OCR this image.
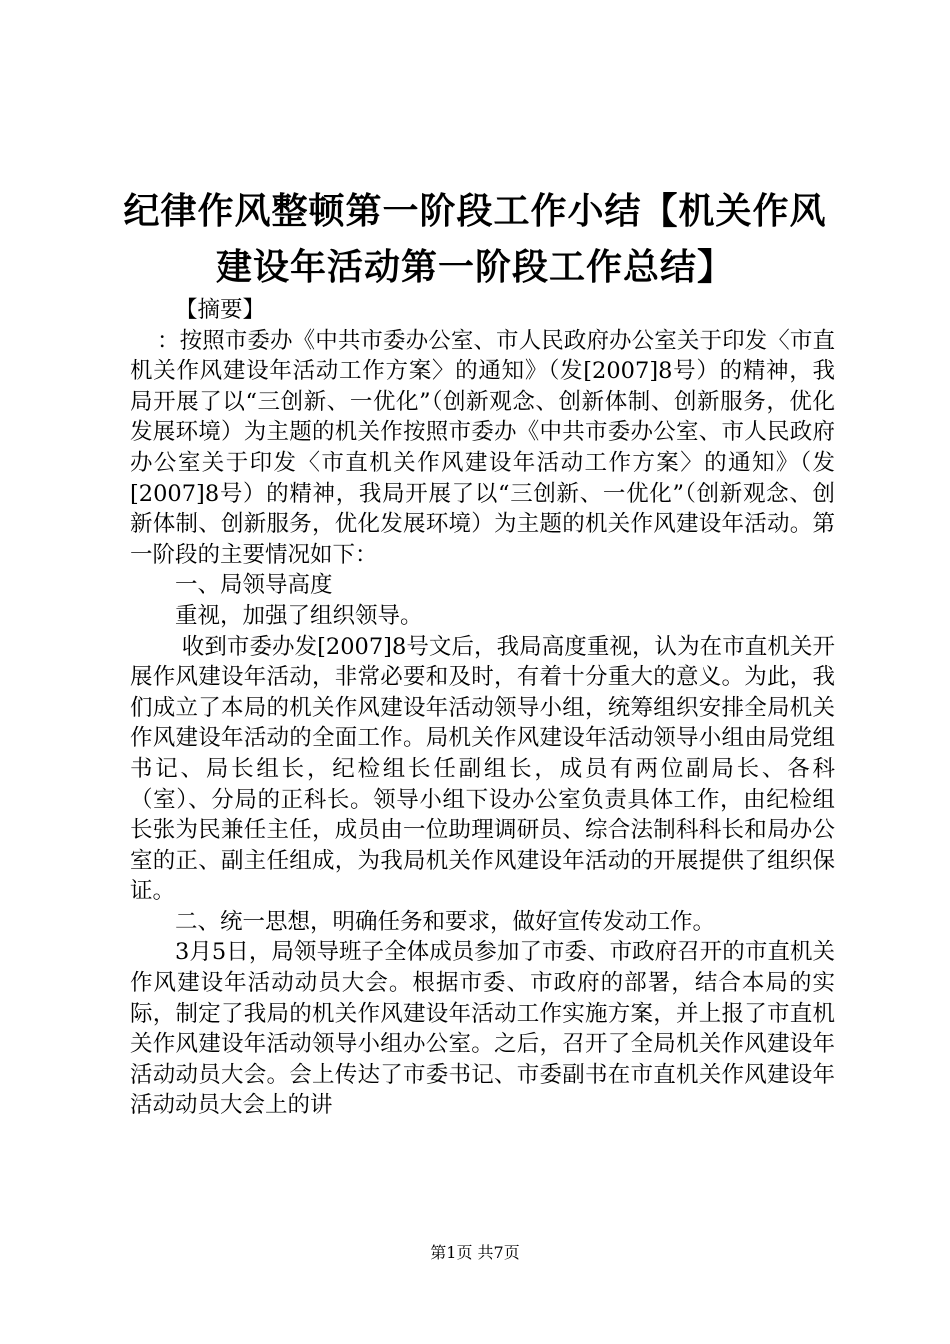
纪律作风整顿第一阶段工作小结【机关作风建设年活动第一阶段工作总结】

【摘要】

：按照市委办《中共市委办公室、市人民政府办公室关于印发〈市直机关作风建设年活动工作方案〉的通知》（发[2007]8号）的精神，我局开展了以“三创新、一优化”（创新观念、创新体制、创新服务，优化发展环境）为主题的机关作按照市委办《中共市委办公室、市人民政府办公室关于印发〈市直机关作风建设年活动工作方案〉的通知》（发[2007]8号）的精神，我局开展了以“三创新、一优化”（创新观念、创新体制、创新服务，优化发展环境）为主题的机关作风建设年活动。第一阶段的主要情况如下：

一、局领导高度

重视，加强了组织领导。

收到市委办发[2007]8号文后，我局高度重视，认为在市直机关开展作风建设年活动，非常必要和及时，有着十分重大的意义。为此，我们成立了本局的机关作风建设年活动领导小组，统筹组织安排全局机关作风建设年活动的全面工作。局机关作风建设年活动领导小组由局党组书记、局长组长，纪检组长任副组长，成员有两位副局长、各科（室）、分局的正科长。领导小组下设办公室负责具体工作，由纪检组长张为民兼任主任，成员由一位助理调研员、综合法制科科长和局办公室的正、副主任组成，为我局机关作风建设年活动的开展提供了组织保证。

二、统一思想，明确任务和要求，做好宣传发动工作。

3月5日，局领导班子全体成员参加了市委、市政府召开的市直机关作风建设年活动动员大会。根据市委、市政府的部署，结合本局的实际，制定了我局的机关作风建设年活动工作实施方案，并上报了市直机关作风建设年活动领导小组办公室。之后，召开了全局机关作风建设年活动动员大会。会上传达了市委书记、市委副书在市直机关作风建设年活动动员大会上的讲

第1页 共7页
